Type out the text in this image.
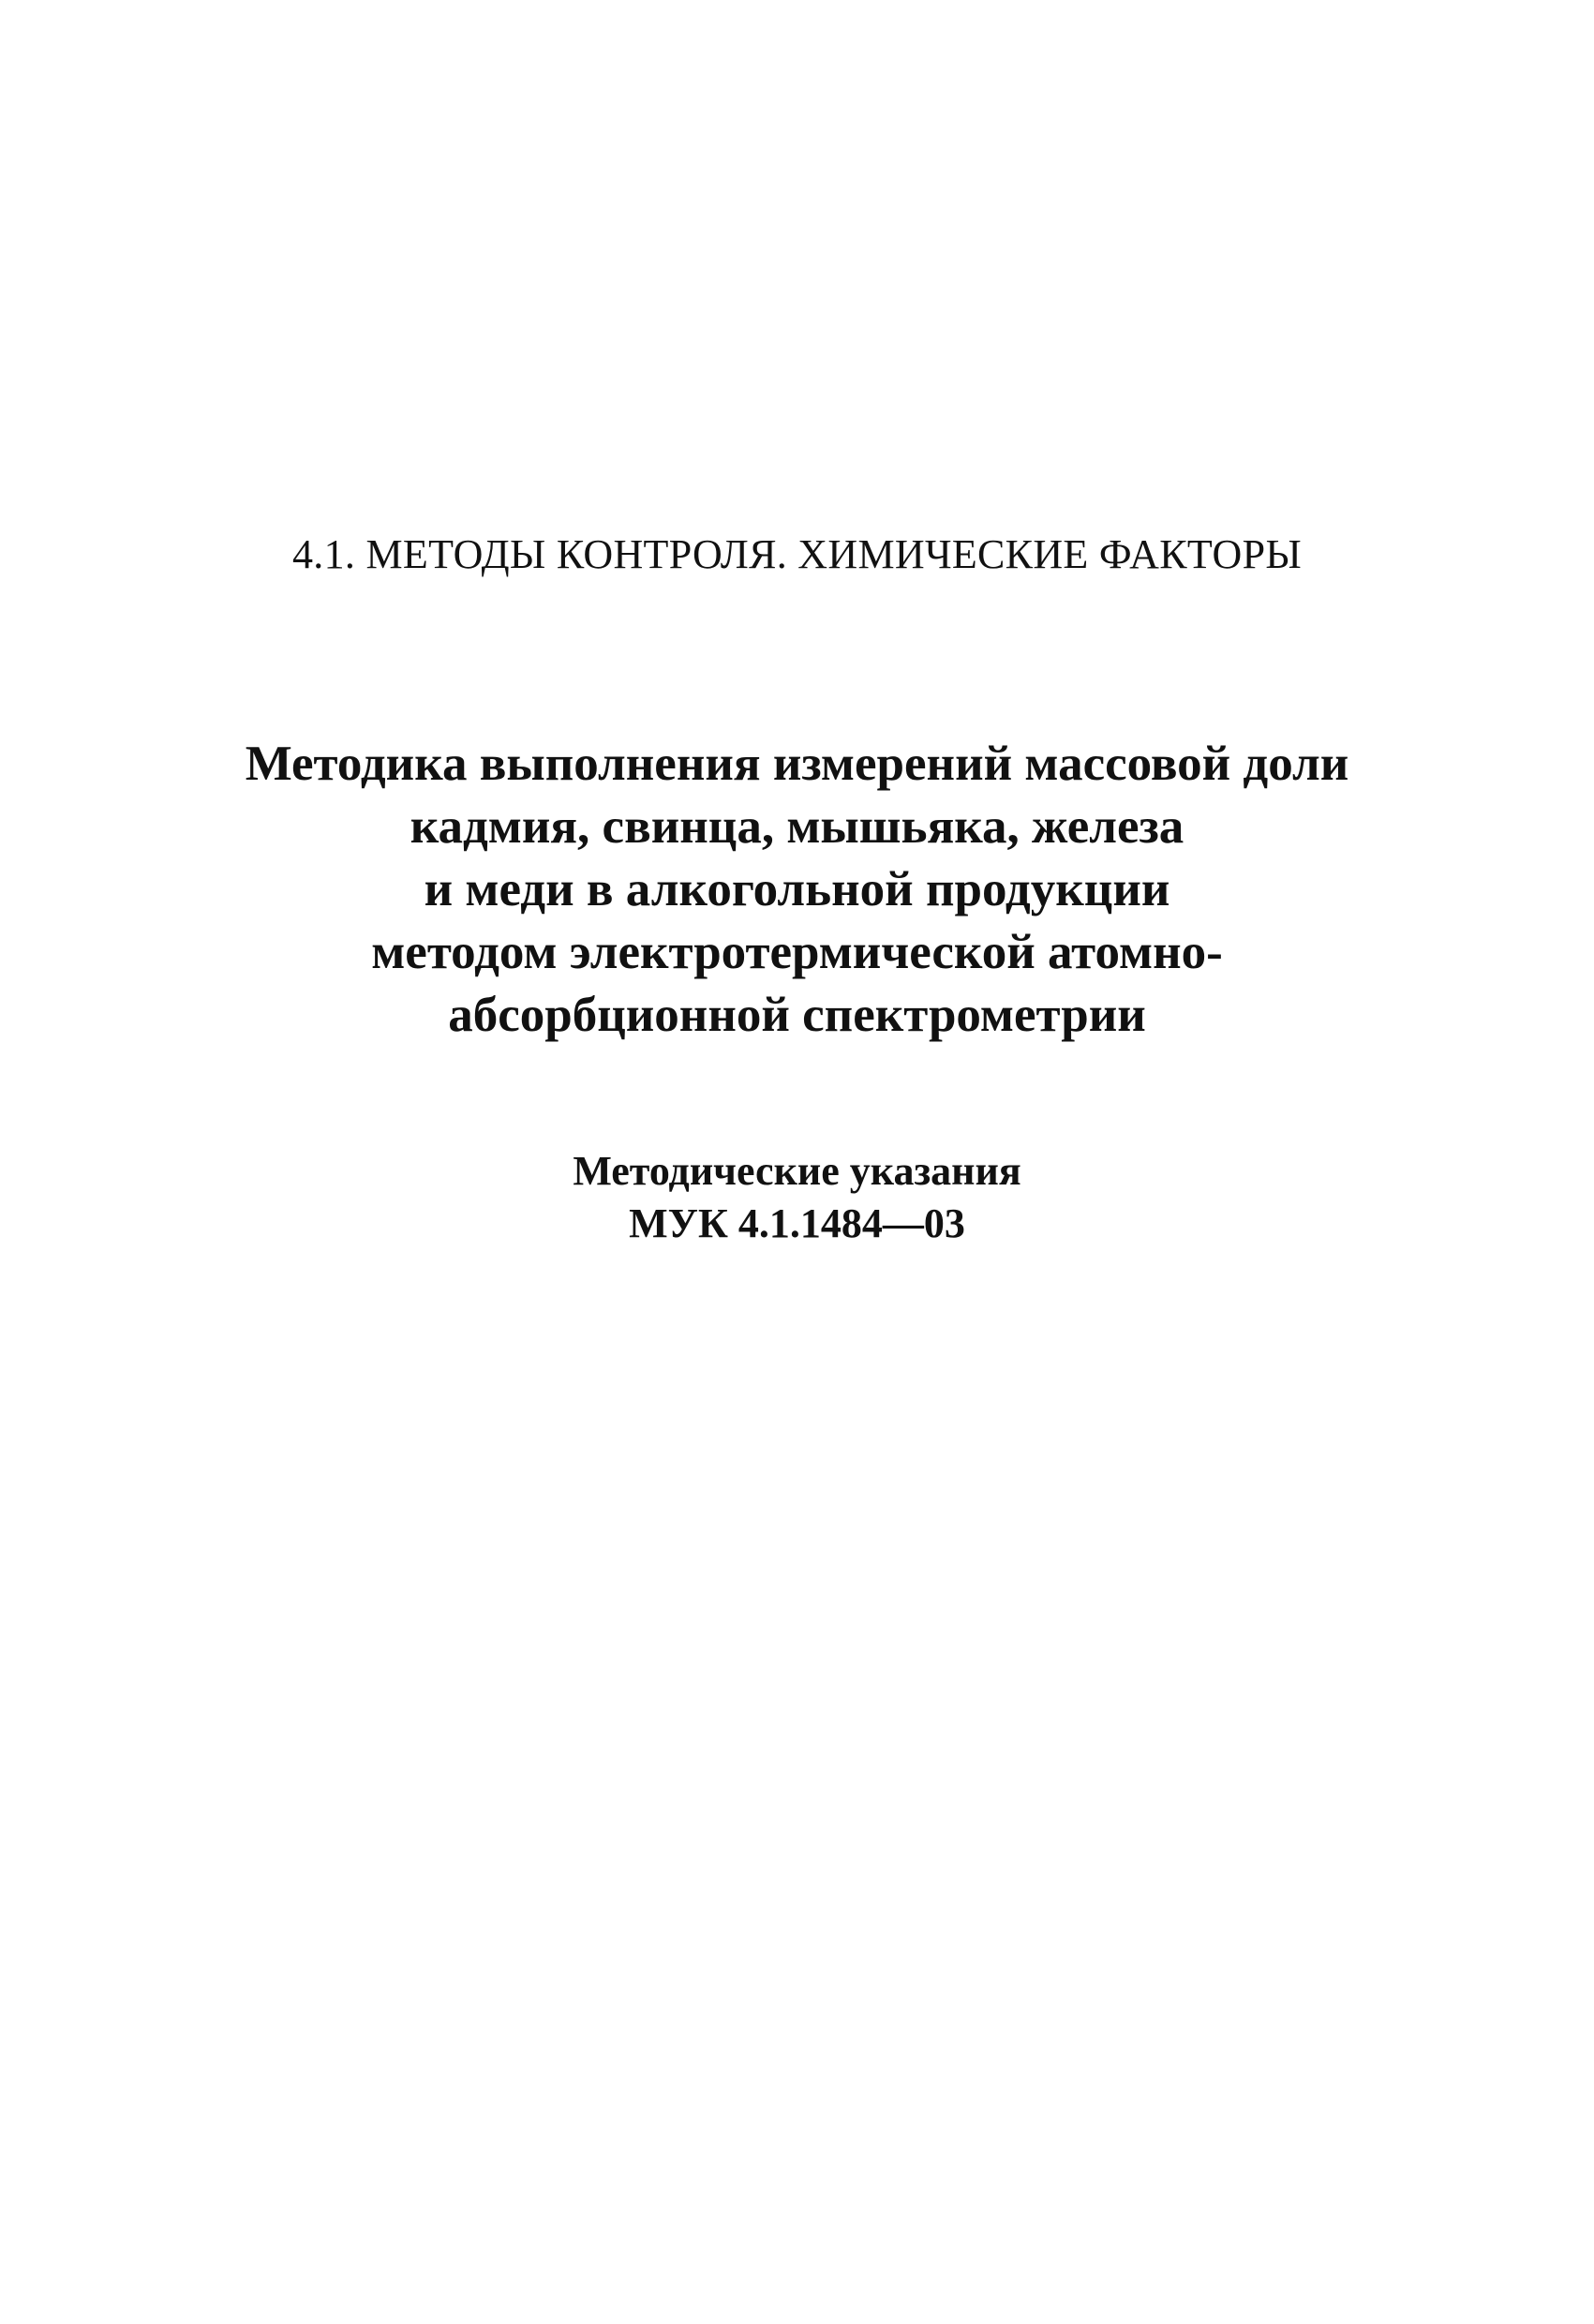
4.1. МЕТОДЫ КОНТРОЛЯ. ХИМИЧЕСКИЕ ФАКТОРЫ

Методика выполнения измерений массовой доли
кадмия, свинца, мышьяка, железа
и меди в алкогольной продукции
методом электротермической атомно-
абсорбционной спектрометрии
Методические указания
МУК 4.1.1484—03
